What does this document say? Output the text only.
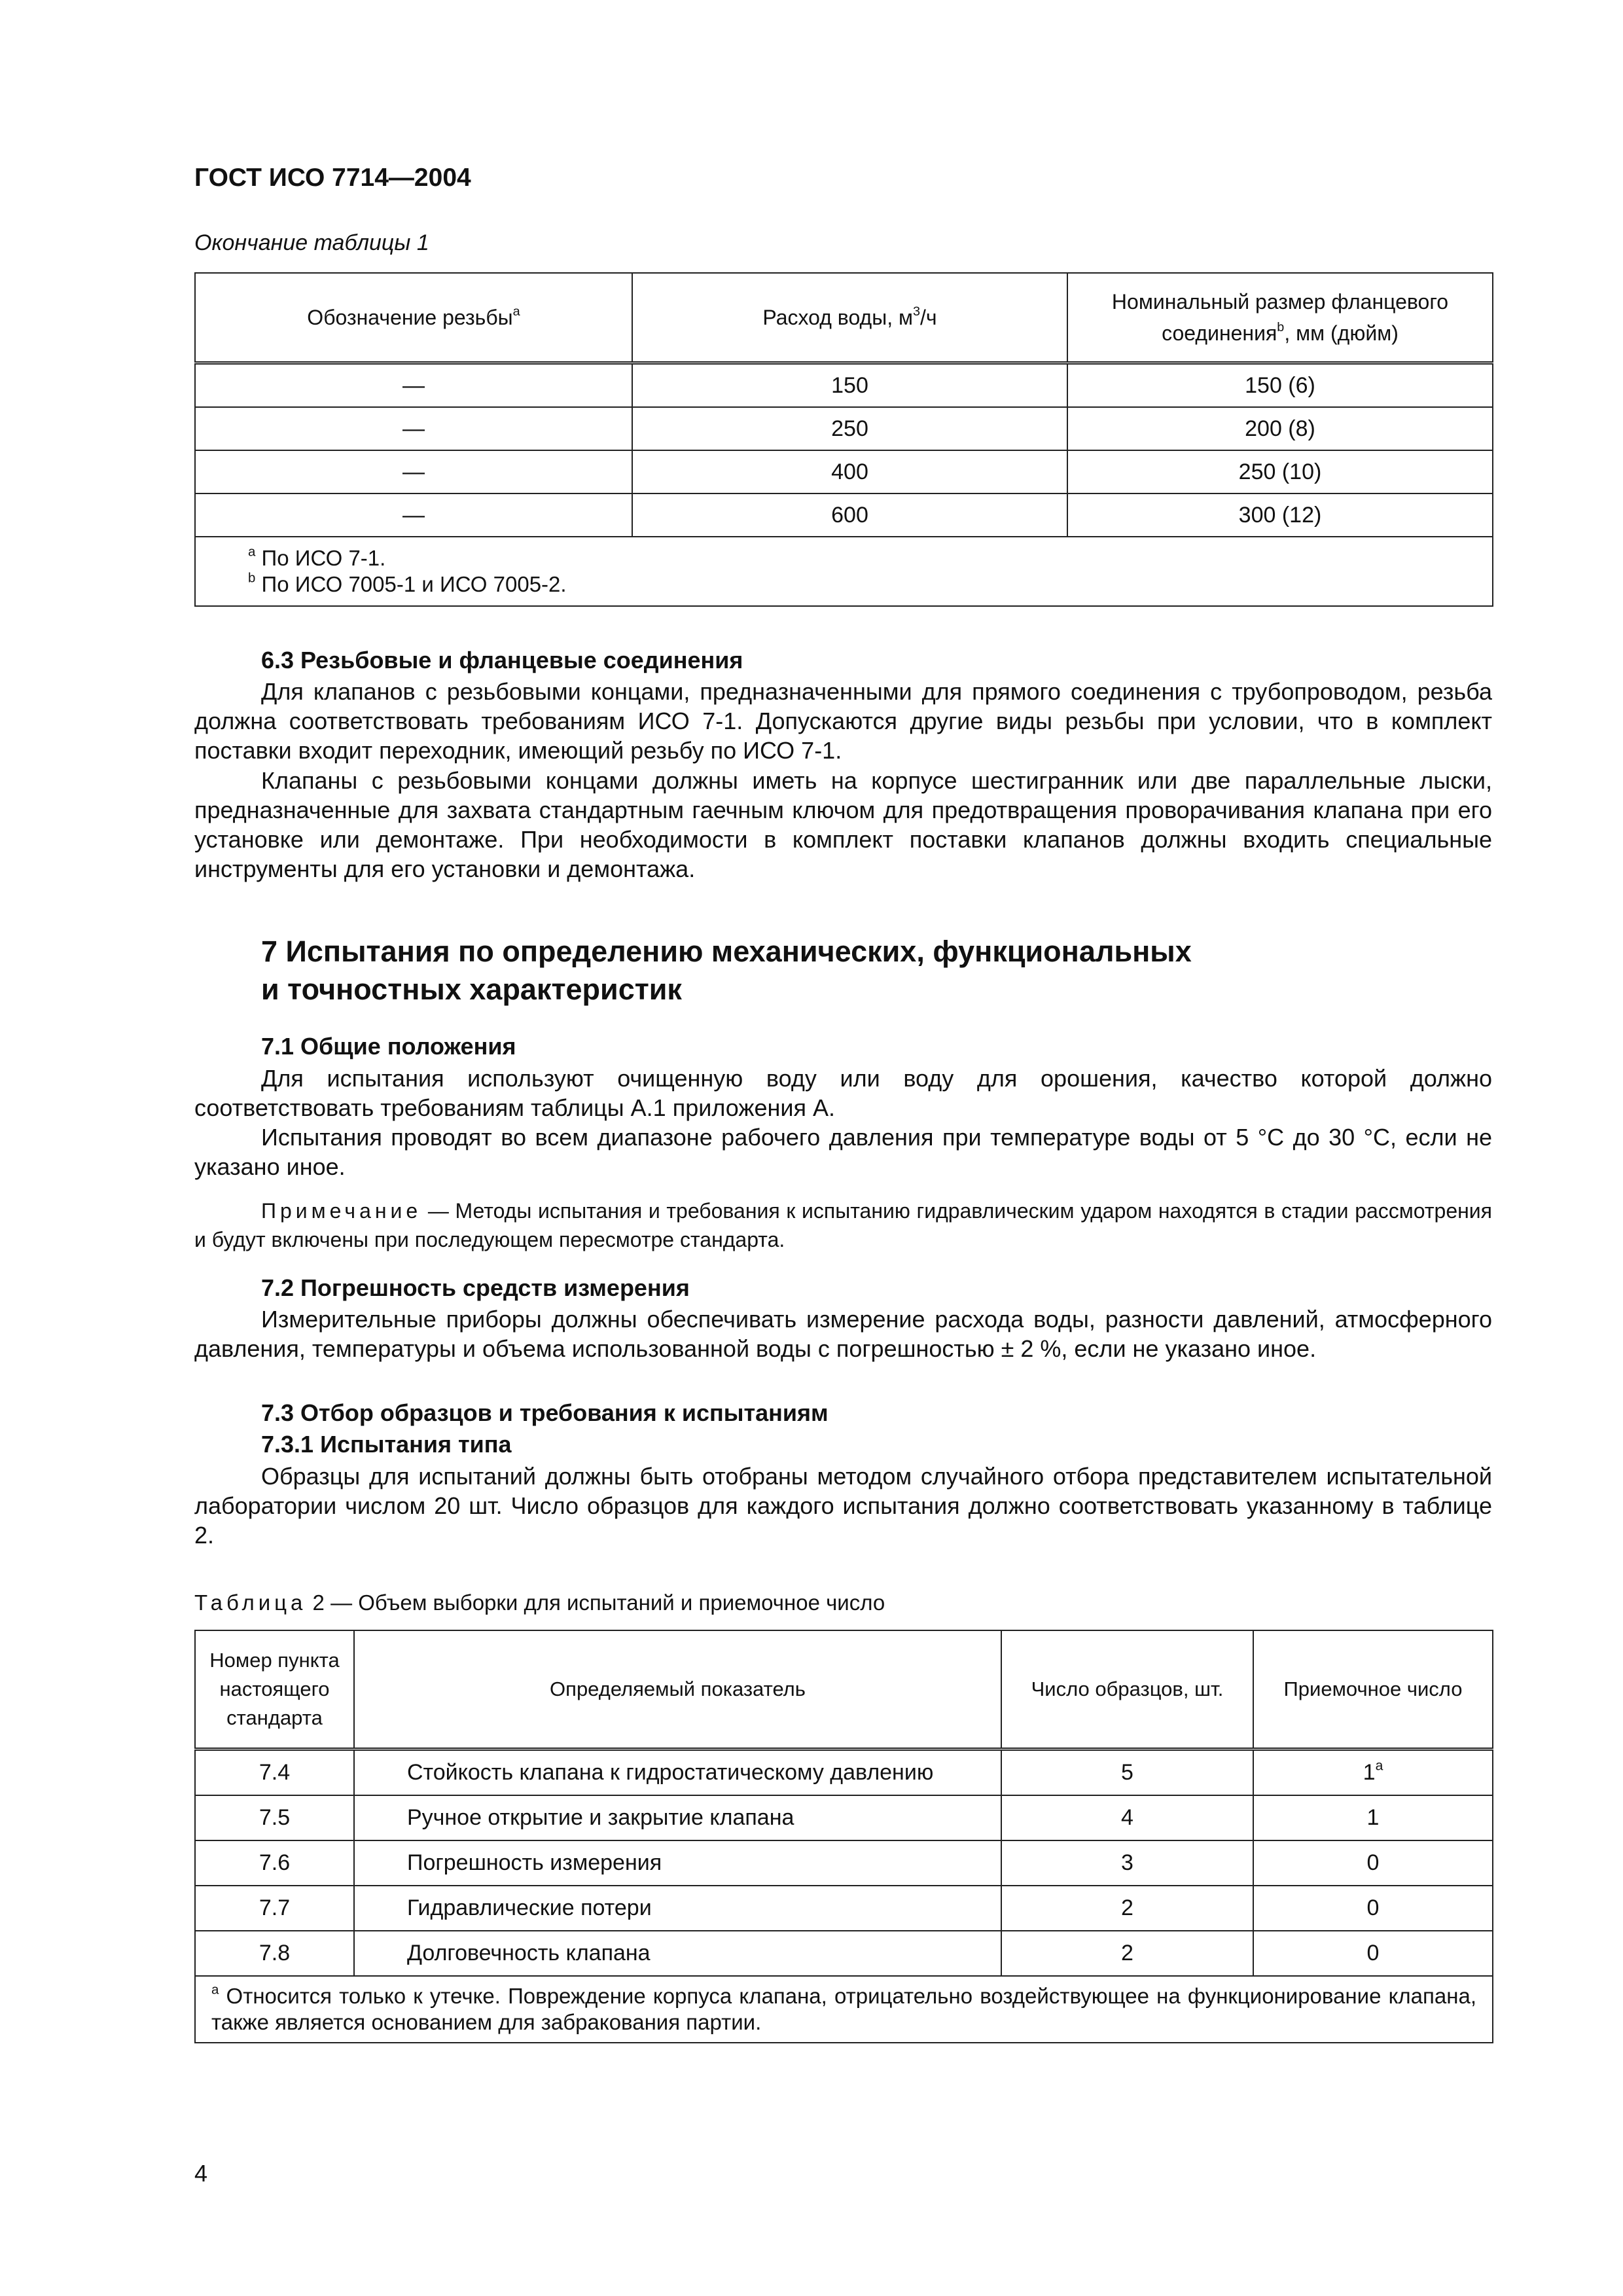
ГОСТ ИСО 7714—2004
Окончание таблицы 1
Обозначение резьбы$^a$	Расход воды, $м^3/ч$	Номинальный размер фланцевого
соединения$^b$, мм (дюйм)
—	150	150 (6)
—	250	200 (8)
—	400	250 (10)
—	600	300 (12)

$^a$ По ИСО 7-1.
$^b$ По ИСО 7005-1 и ИСО 7005-2.		
6.3 Резьбовые и фланцевые соединения
Для клапанов с резьбовыми концами, предназначенными для прямого соединения с трубопроводом, резьба должна соответствовать требованиям ИСО 7-1. Допускаются другие виды резьбы при условии, что в комплект поставки входит переходник, имеющий резьбу по ИСО 7-1.
Клапаны с резьбовыми концами должны иметь на корпусе шестигранник или две параллельные лыски, предназначенные для захвата стандартным гаечным ключом для предотвращения проворачивания клапана при его установке или демонтаже. При необходимости в комплект поставки клапанов должны входить специальные инструменты для его установки и демонтажа.
7 Испытания по определению механических, функциональных
и точностных характеристик
7.1 Общие положения
Для испытания используют очищенную воду или воду для орошения, качество которой должно соответствовать требованиям таблицы А.1 приложения А.
Испытания проводят во всем диапазоне рабочего давления при температуре воды от 5 °С до 30 °С, если не указано иное.
Примечание — Методы испытания и требования к испытанию гидравлическим ударом находятся в стадии рассмотрения и будут включены при последующем пересмотре стандарта.
7.2 Погрешность средств измерения
Измерительные приборы должны обеспечивать измерение расхода воды, разности давлений, атмосферного давления, температуры и объема использованной воды с погрешностью ± 2 %, если не указано иное.
7.3 Отбор образцов и требования к испытаниям
7.3.1 Испытания типа
Образцы для испытаний должны быть отобраны методом случайного отбора представителем испытательной лаборатории числом 20 шт. Число образцов для каждого испытания должно соответствовать указанному в таблице 2.
Таблица 2 — Объем выборки для испытаний и приемочное число
Номер пункта
настоящего
стандарта	Определяемый показатель	Число образцов, шт.	Приемочное число
7.4	Стойкость клапана к гидростатическому давлению	5	1$^a$
7.5	Ручное открытие и закрытие клапана	4	1
7.6	Погрешность измерения	3	0
7.7	Гидравлические потери	2	0
7.8	Долговечность клапана	2	0
$^a$ Относится только к утечке. Повреждение корпуса клапана, отрицательно воздействующее на функционирование клапана, также является основанием для забракования партии.			
4
